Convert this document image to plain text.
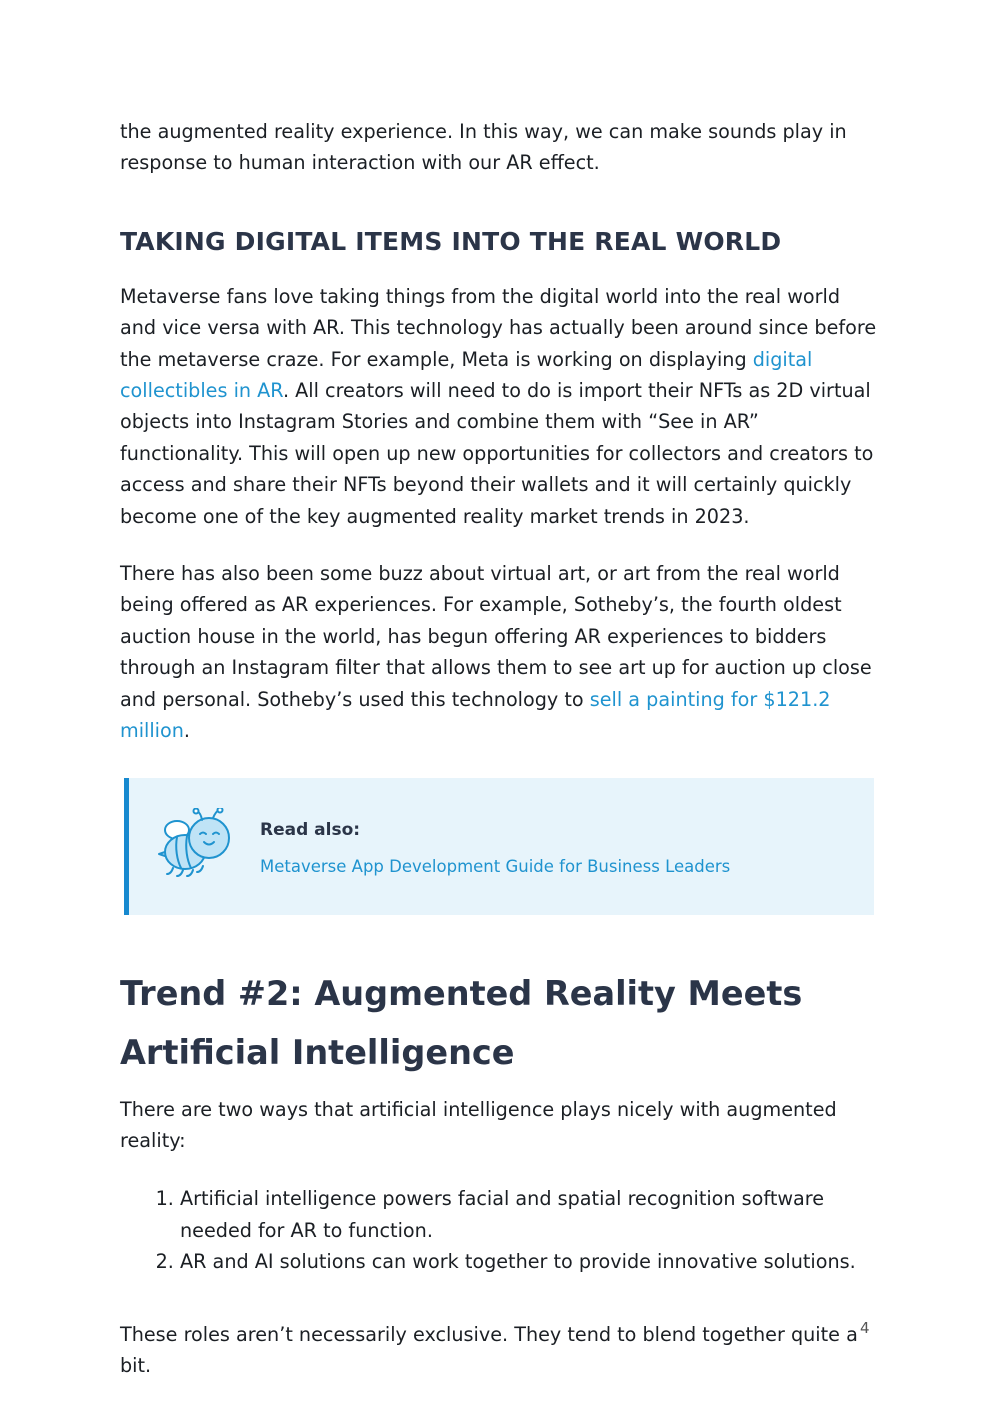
the augmented reality experience. In this way, we can make sounds play in response to human interaction with our AR effect.

TAKING DIGITAL ITEMS INTO THE REAL WORLD

Metaverse fans love taking things from the digital world into the real world and vice versa with AR. This technology has actually been around since before the metaverse craze. For example, Meta is working on displaying digital collectibles in AR. All creators will need to do is import their NFTs as 2D virtual objects into Instagram Stories and combine them with “See in AR” functionality. This will open up new opportunities for collectors and creators to access and share their NFTs beyond their wallets and it will certainly quickly become one of the key augmented reality market trends in 2023.

There has also been some buzz about virtual art, or art from the real world being offered as AR experiences. For example, Sotheby’s, the fourth oldest auction house in the world, has begun offering AR experiences to bidders through an Instagram filter that allows them to see art up for auction up close and personal. Sotheby’s used this technology to sell a painting for $121.2 million.

Read also:
Metaverse App Development Guide for Business Leaders
Trend #2: Augmented Reality Meets Artificial Intelligence

There are two ways that artificial intelligence plays nicely with augmented reality:

1. Artificial intelligence powers facial and spatial recognition software needed for AR to function.
2. AR and AI solutions can work together to provide innovative solutions.

These roles aren’t necessarily exclusive. They tend to blend together quite a bit.

4
